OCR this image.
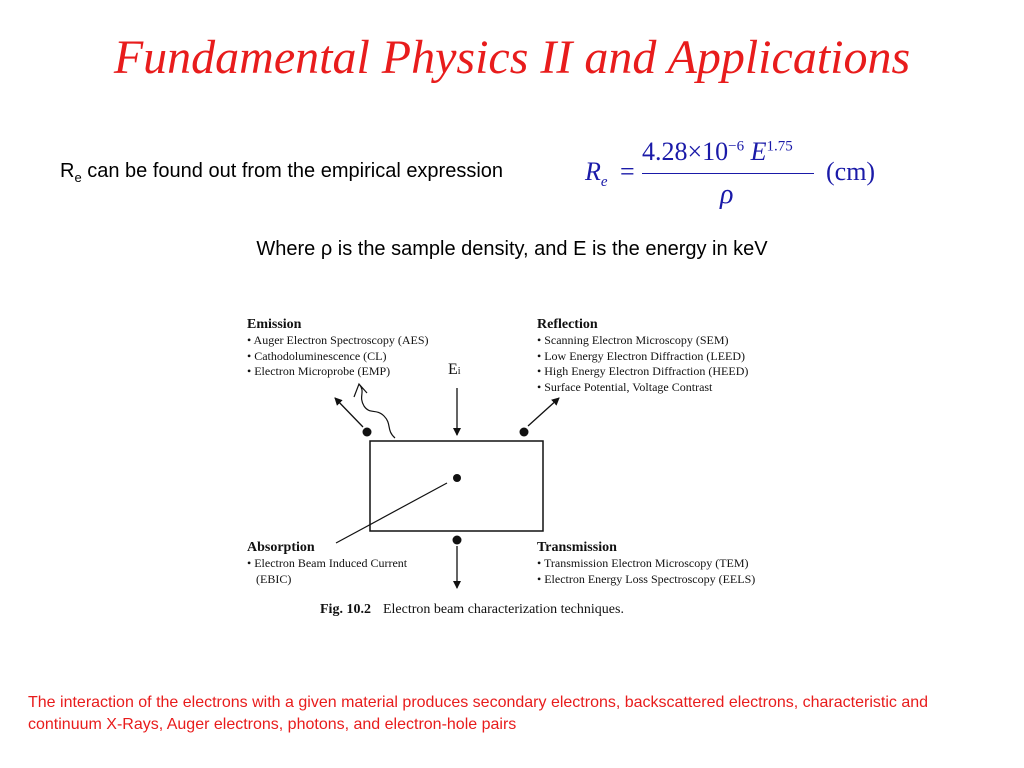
Fundamental Physics II and Applications
$R_e$ can be found out from the empirical expression	$R_e$ =
$4.28\times 10^{-6}$ $E^{1.75}$
ρ
(cm)
Where ρ is the sample density, and E is the energy in keV
Emission
• Auger Electron Spectroscopy (AES)
• Cathodoluminescence (CL)
• Electron Microprobe (EMP)
Reflection
• Scanning Electron Microscopy (SEM)
• Low Energy Electron Diffraction (LEED)
• High Energy Electron Diffraction (HEED)
• Surface Potential, Voltage Contrast
Ei
Absorption
• Electron Beam Induced Current
(EBIC)
Transmission
• Transmission Electron Microscopy (TEM)
• Electron Energy Loss Spectroscopy (EELS)
Fig. 10.2 Electron beam characterization techniques.
The interaction of the electrons with a given material produces secondary electrons, backscattered electrons, characteristic and continuum X-Rays, Auger electrons, photons, and electron-hole pairs
